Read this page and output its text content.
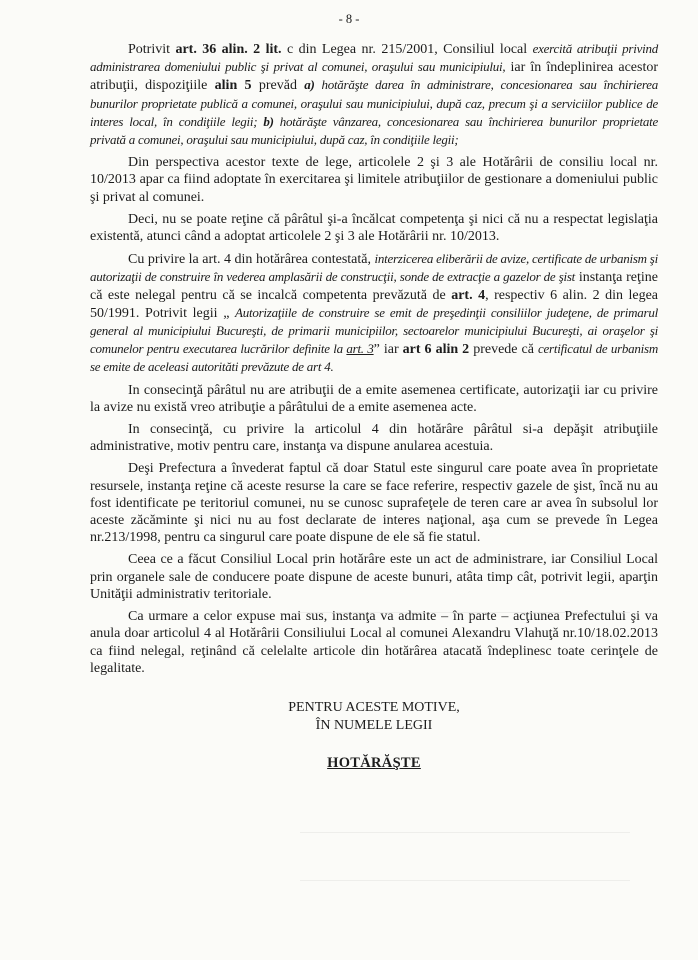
- 8 -

Potrivit art. 36 alin. 2 lit. c din Legea nr. 215/2001, Consiliul local exercită atribuţii privind administrarea domeniului public şi privat al comunei, oraşului sau municipiului, iar în îndeplinirea acestor atribuţii, dispoziţiile alin 5 prevăd a) hotărăşte darea în administrare, concesionarea sau închirierea bunurilor proprietate publică a comunei, oraşului sau municipiului, după caz, precum şi a serviciilor publice de interes local, în condiţiile legii; b) hotărăşte vânzarea, concesionarea sau închirierea bunurilor proprietate privată a comunei, oraşului sau municipiului, după caz, în condiţiile legii;

Din perspectiva acestor texte de lege, articolele 2 şi 3 ale Hotărârii de consiliu local nr. 10/2013 apar ca fiind adoptate în exercitarea şi limitele atribuţiilor de gestionare a domeniului public şi privat al comunei.

Deci, nu se poate reţine că pârâtul şi-a încălcat competenţa şi nici că nu a respectat legislaţia existentă, atunci când a adoptat articolele 2 şi 3 ale Hotărârii nr. 10/2013.

Cu privire la art. 4 din hotărârea contestată, interzicerea eliberării de avize, certificate de urbanism şi autorizaţii de construire în vederea amplasării de construcţii, sonde de extracţie a gazelor de şist instanţa reţine că este nelegal pentru că se incalcă competenta prevăzută de art. 4, respectiv 6 alin. 2 din legea 50/1991. Potrivit legii „ Autorizaţiile de construire se emit de preşedinţii consiliilor judeţene, de primarul general al municipiului Bucureşti, de primarii municipiilor, sectoarelor municipiului Bucureşti, ai oraşelor şi comunelor pentru executarea lucrărilor definite la art. 3” iar art 6 alin 2 prevede că certificatul de urbanism se emite de aceleasi autorităti prevăzute de art 4.

In consecinţă pârâtul nu are atribuţii de a emite asemenea certificate, autorizaţii iar cu privire la avize nu există vreo atribuţie a pârâtului de a emite asemenea acte.

In consecinţă, cu privire la articolul 4 din hotărâre pârâtul si-a depăşit atribuţiile administrative, motiv pentru care, instanţa va dispune anularea acestuia.

Deşi Prefectura a învederat faptul că doar Statul este singurul care poate avea în proprietate resursele, instanţa reţine că aceste resurse la care se face referire, respectiv gazele de şist, încă nu au fost identificate pe teritoriul comunei, nu se cunosc suprafeţele de teren care ar avea în subsolul lor aceste zăcăminte şi nici nu au fost declarate de interes naţional, aşa cum se prevede în Legea nr.213/1998, pentru ca singurul care poate dispune de ele să fie statul.

Ceea ce a făcut Consiliul Local prin hotărâre este un act de administrare, iar Consiliul Local prin organele sale de conducere poate dispune de aceste bunuri, atâta timp cât, potrivit legii, aparţin Unităţii administrativ teritoriale.

Ca urmare a celor expuse mai sus, instanţa va admite – în parte – acţiunea Prefectului şi va anula doar articolul 4 al Hotărârii Consiliului Local al comunei Alexandru Vlahuţă nr.10/18.02.2013 ca fiind nelegal, reţinând că celelalte articole din hotărârea atacată îndeplinesc toate cerinţele de legalitate.

PENTRU ACESTE MOTIVE,
ÎN NUMELE LEGII
HOTĂRĂŞTE
